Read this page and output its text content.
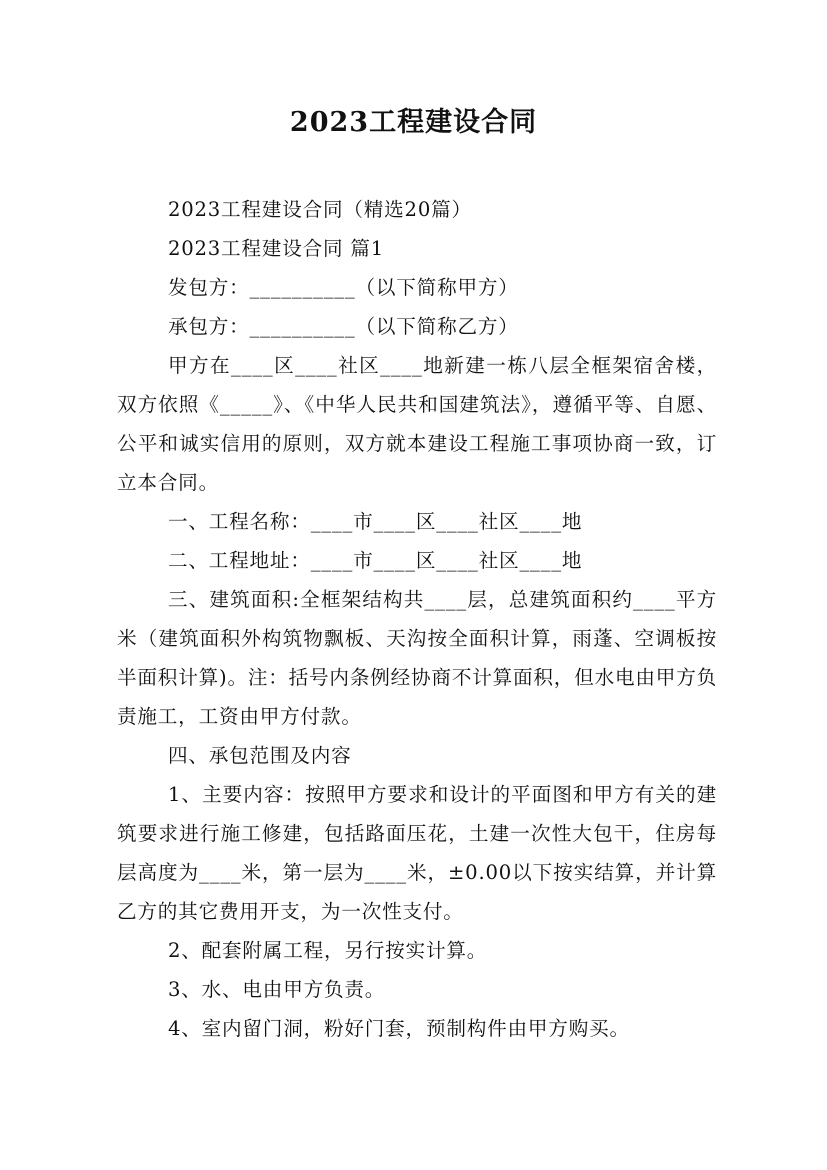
2023工程建设合同

2023工程建设合同（精选20篇）

2023工程建设合同 篇1

发包方：__________（以下简称甲方）

承包方：__________（以下简称乙方）

甲方在____区____社区____地新建一栋八层全框架宿舍楼，双方依照《_____》、《中华人民共和国建筑法》，遵循平等、自愿、公平和诚实信用的原则，双方就本建设工程施工事项协商一致，订立本合同。

一、工程名称：____市____区____社区____地

二、工程地址：____市____区____社区____地

三、建筑面积:全框架结构共____层，总建筑面积约____平方米（建筑面积外构筑物飘板、天沟按全面积计算，雨蓬、空调板按半面积计算)。注：括号内条例经协商不计算面积，但水电由甲方负责施工，工资由甲方付款。

四、承包范围及内容

1、主要内容：按照甲方要求和设计的平面图和甲方有关的建筑要求进行施工修建，包括路面压花，土建一次性大包干，住房每层高度为____米，第一层为____米，±0.00以下按实结算，并计算乙方的其它费用开支，为一次性支付。

2、配套附属工程，另行按实计算。

3、水、电由甲方负责。

4、室内留门洞，粉好门套，预制构件由甲方购买。
